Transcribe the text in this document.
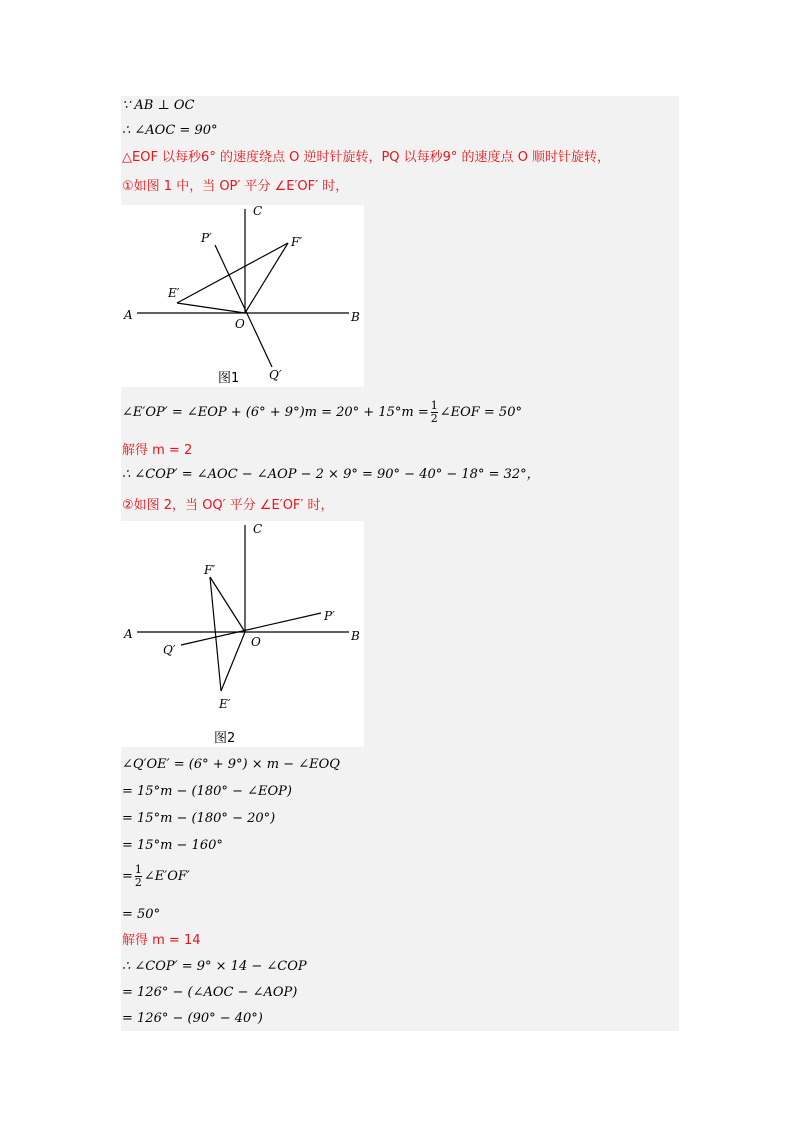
∵ AB ⊥ OC
∴ ∠AOC = 90°
△EOF 以每秒6° 的速度绕点 O 逆时针旋转，PQ 以每秒9° 的速度点 O 顺时针旋转，
①如图 1 中，当 OP′ 平分 ∠E′OF′ 时，
A	B
C
O
P′
Q′
E′
F′
图1
∠E′OP′ = ∠EOP + $(6^\circ + 9^\circ)m = 20^\circ + 15^\circ m = \frac{1}{2}$ ∠EOF = 50°
解得 m = 2
∴ ∠COP′ = ∠AOC − ∠AOP − 2 × 9° = 90° − 40° − 18° = 32°，
②如图 2，当 OQ′ 平分 ∠E′OF′ 时，
A	B
C
O
P′
Q′
E′
F′
图2
∠Q′OE′ = (6° + 9°) × m − ∠EOQ
= 15°m − (180° − ∠EOP)
= 15°m − (180° − 20°)
= 15°m − 160°
= $\frac{1}{2}$ ∠E′OF′
= 50°
解得 m = 14
∴ ∠COP′ = 9° × 14 − ∠COP
= 126° − (∠AOC − ∠AOP)
= 126° − (90° − 40°)
